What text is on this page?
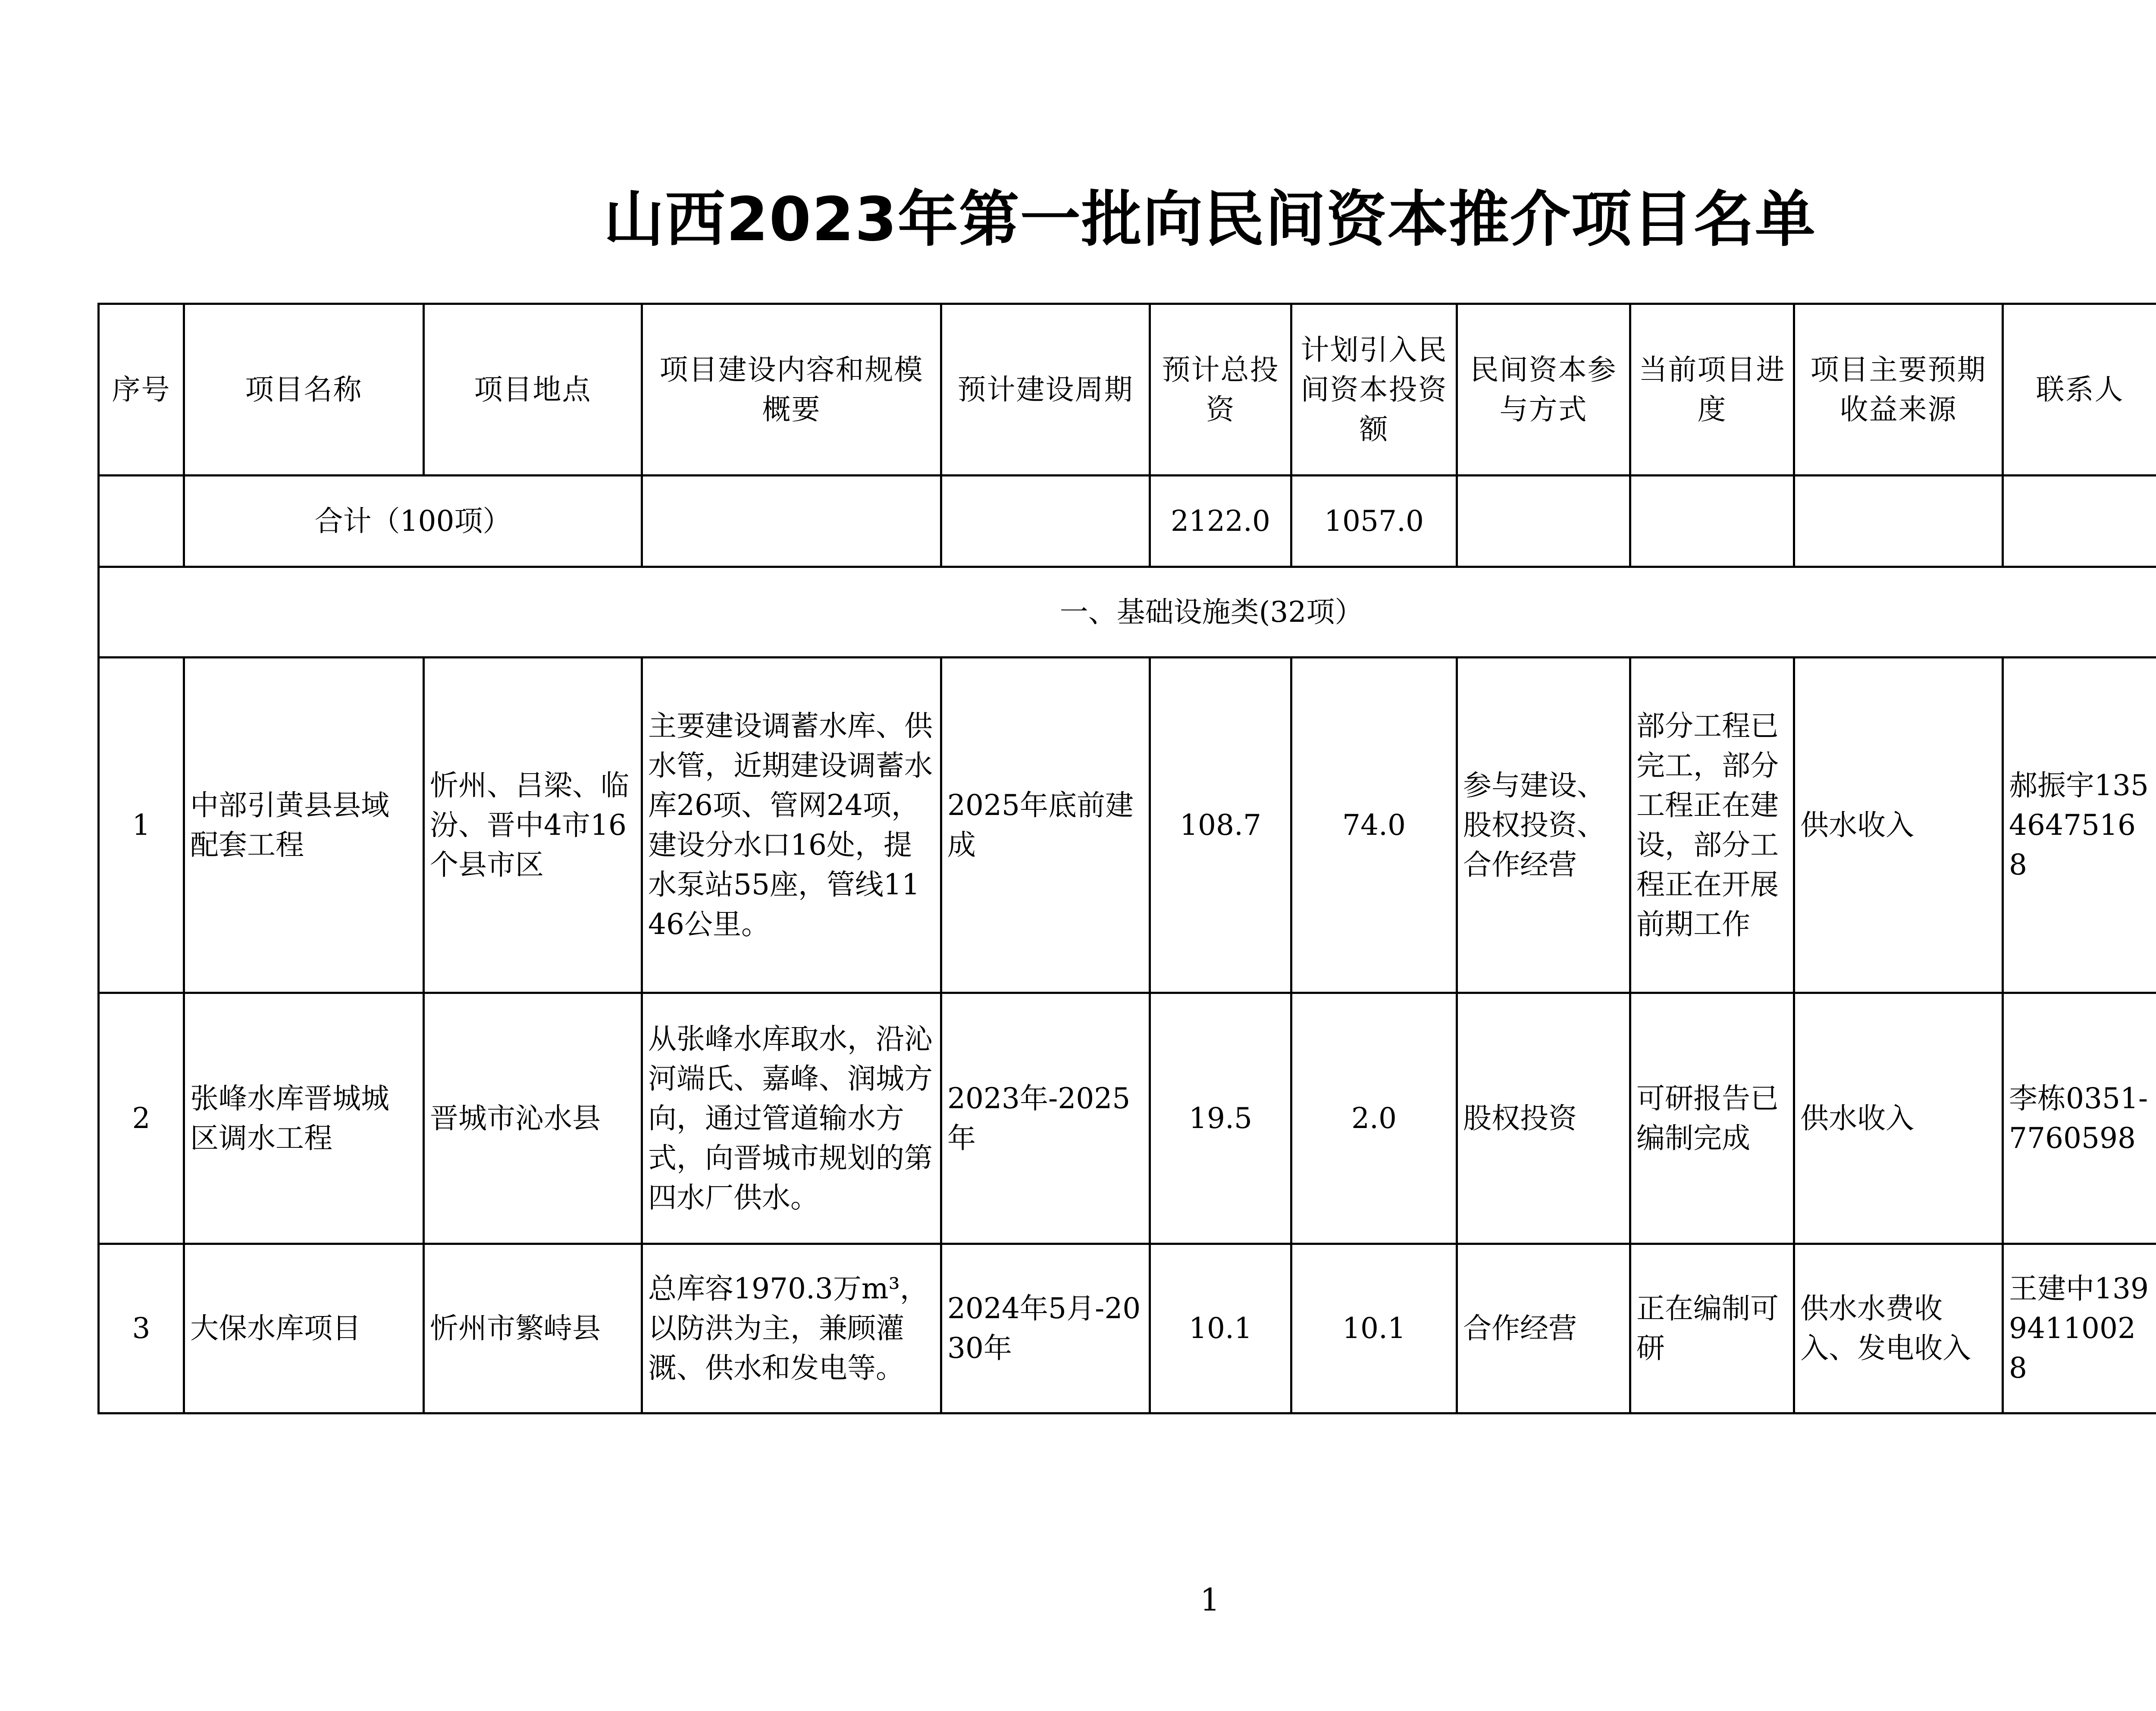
山西2023年第一批向民间资本推介项目名单
序号	项目名称	项目地点	项目建设内容和规模概要	预计建设周期	预计总投资	计划引入民间资本投资额	民间资本参与方式	当前项目进度	项目主要预期收益来源	联系人	
	合计（100项）				2122.0	1057.0					
一、基础设施类(32项）											
1	中部引黄县县域配套工程	忻州、吕梁、临汾、晋中4市16个县市区	主要建设调蓄水库、供水管，近期建设调蓄水库26项、管网24项，建设分水口16处，提水泵站55座，管线1146公里。	2025年底前建成	108.7	74.0	参与建设、股权投资、合作经营	部分工程已完工，部分工程正在建设，部分工程正在开展前期工作	供水收入	郝振宇13546475168	
2	张峰水库晋城城区调水工程	晋城市沁水县	从张峰水库取水，沿沁河端氏、嘉峰、润城方向，通过管道输水方式，向晋城市规划的第四水厂供水。	2023年-2025年	19.5	2.0	股权投资	可研报告已编制完成	供水收入	李栋0351-7760598	
3	大保水库项目	忻州市繁峙县	总库容1970.3万m³，以防洪为主，兼顾灌溉、供水和发电等。	2024年5月-2030年	10.1	10.1	合作经营	正在编制可研	供水水费收入、发电收入	王建中13994110028	
1
